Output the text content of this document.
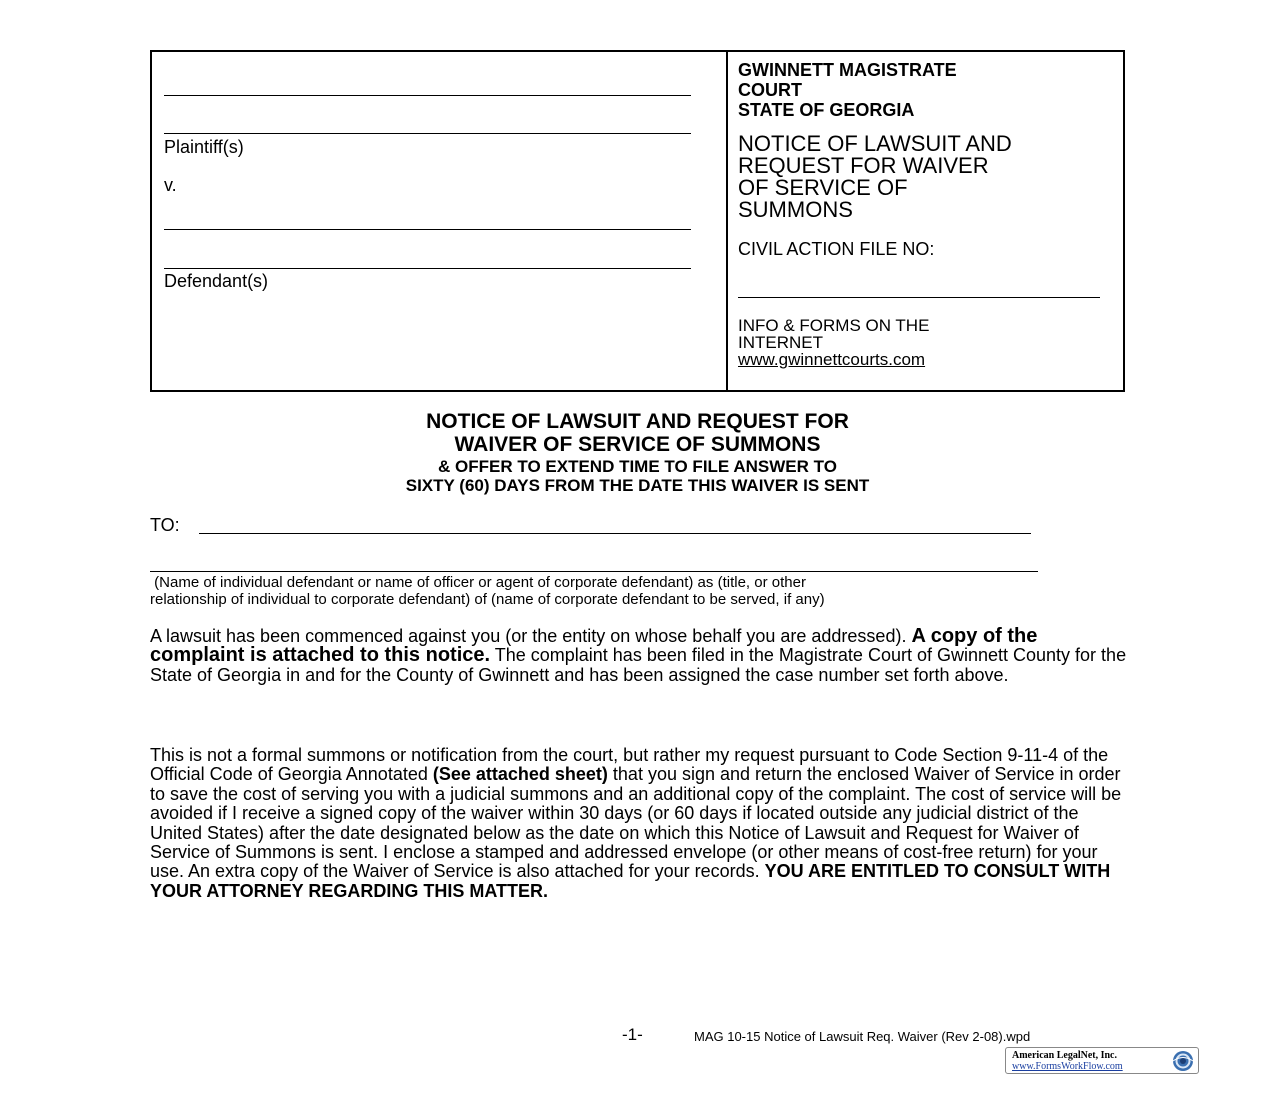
Plaintiff(s)
v.
Defendant(s)
GWINNETT MAGISTRATE
COURT
STATE OF GEORGIA
NOTICE OF LAWSUIT AND
REQUEST FOR WAIVER
OF SERVICE OF
SUMMONS
CIVIL ACTION FILE NO:
INFO & FORMS ON THE
INTERNET
www.gwinnettcourts.com
NOTICE OF LAWSUIT AND REQUEST FOR
WAIVER OF SERVICE OF SUMMONS
& OFFER TO EXTEND TIME TO FILE ANSWER TO
SIXTY (60) DAYS FROM THE DATE THIS WAIVER IS SENT
TO:
(Name of individual defendant or name of officer or agent of corporate defendant) as (title, or other
relationship of individual to corporate defendant) of (name of corporate defendant to be served, if any)
A lawsuit has been commenced against you (or the entity on whose behalf you are addressed). A copy of the complaint is attached to this notice. The complaint has been filed in the Magistrate Court of Gwinnett County for the State of Georgia in and for the County of Gwinnett and has been assigned the case number set forth above.
This is not a formal summons or notification from the court, but rather my request pursuant to Code Section 9-11-4 of the Official Code of Georgia Annotated (See attached sheet) that you sign and return the enclosed Waiver of Service in order to save the cost of serving you with a judicial summons and an additional copy of the complaint. The cost of service will be avoided if I receive a signed copy of the waiver within 30 days (or 60 days if located outside any judicial district of the United States) after the date designated below as the date on which this Notice of Lawsuit and Request for Waiver of Service of Summons is sent. I enclose a stamped and addressed envelope (or other means of cost-free return) for your use. An extra copy of the Waiver of Service is also attached for your records. YOU ARE ENTITLED TO CONSULT WITH YOUR ATTORNEY REGARDING THIS MATTER.
-1-	MAG 10-15 Notice of Lawsuit Req. Waiver (Rev 2-08).wpd
American LegalNet, Inc.
www.FormsWorkFlow.com
